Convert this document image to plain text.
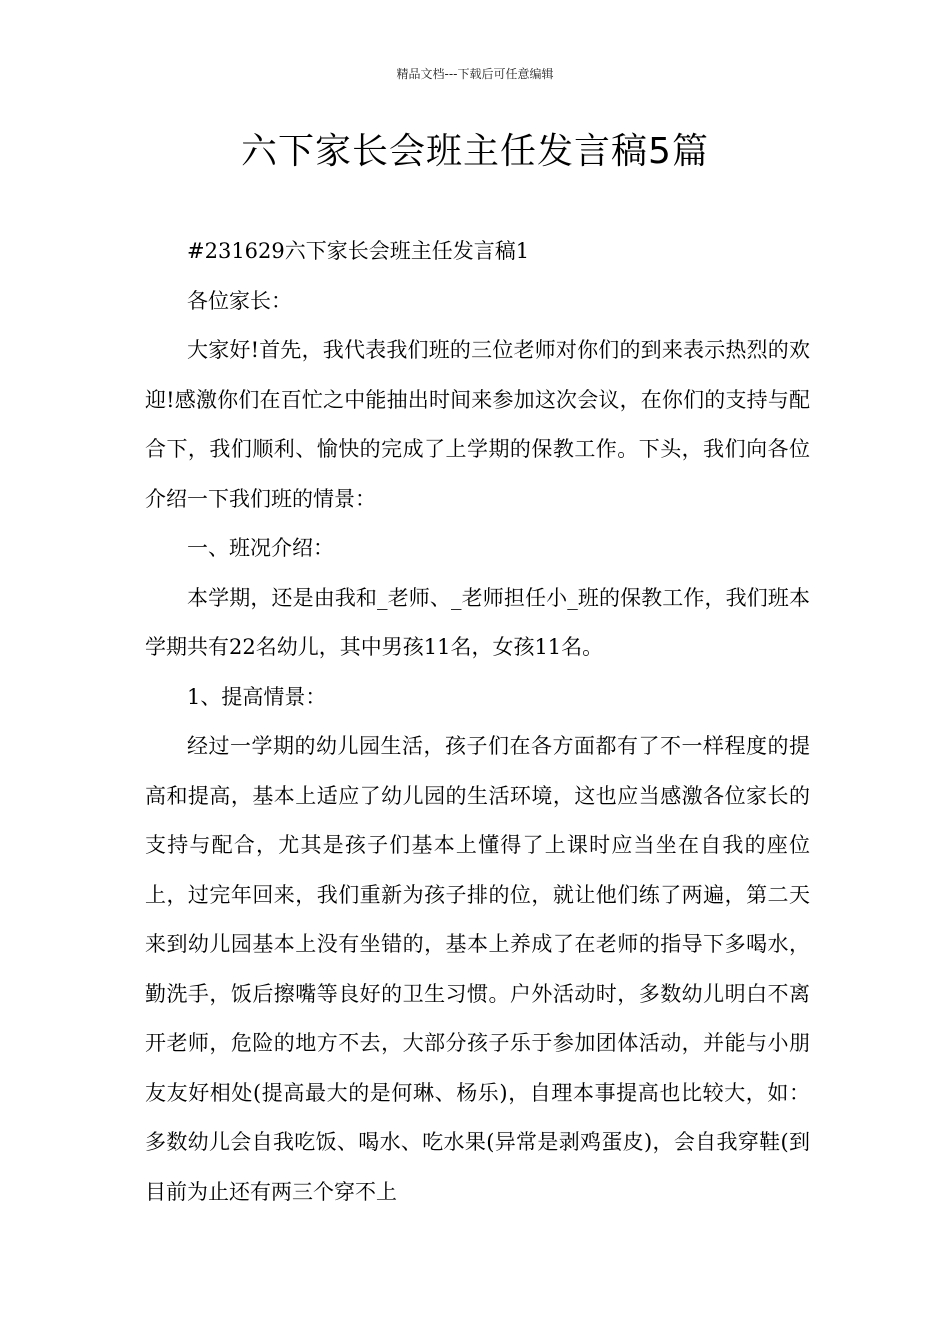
精品文档---下载后可任意编辑
六下家长会班主任发言稿5篇

#231629六下家长会班主任发言稿1

各位家长：

大家好!首先，我代表我们班的三位老师对你们的到来表示热烈的欢迎!感激你们在百忙之中能抽出时间来参加这次会议，在你们的支持与配合下，我们顺利、愉快的完成了上学期的保教工作。下头，我们向各位介绍一下我们班的情景：

一、班况介绍：

本学期，还是由我和_老师、_老师担任小_班的保教工作，我们班本学期共有22名幼儿，其中男孩11名，女孩11名。

1、提高情景：

经过一学期的幼儿园生活，孩子们在各方面都有了不一样程度的提高和提高，基本上适应了幼儿园的生活环境，这也应当感激各位家长的支持与配合，尤其是孩子们基本上懂得了上课时应当坐在自我的座位上，过完年回来，我们重新为孩子排的位，就让他们练了两遍，第二天来到幼儿园基本上没有坐错的，基本上养成了在老师的指导下多喝水，勤洗手，饭后擦嘴等良好的卫生习惯。户外活动时，多数幼儿明白不离开老师，危险的地方不去，大部分孩子乐于参加团体活动，并能与小朋友友好相处(提高最大的是何琳、杨乐)，自理本事提高也比较大，如：多数幼儿会自我吃饭、喝水、吃水果(异常是剥鸡蛋皮)，会自我穿鞋(到目前为止还有两三个穿不上
